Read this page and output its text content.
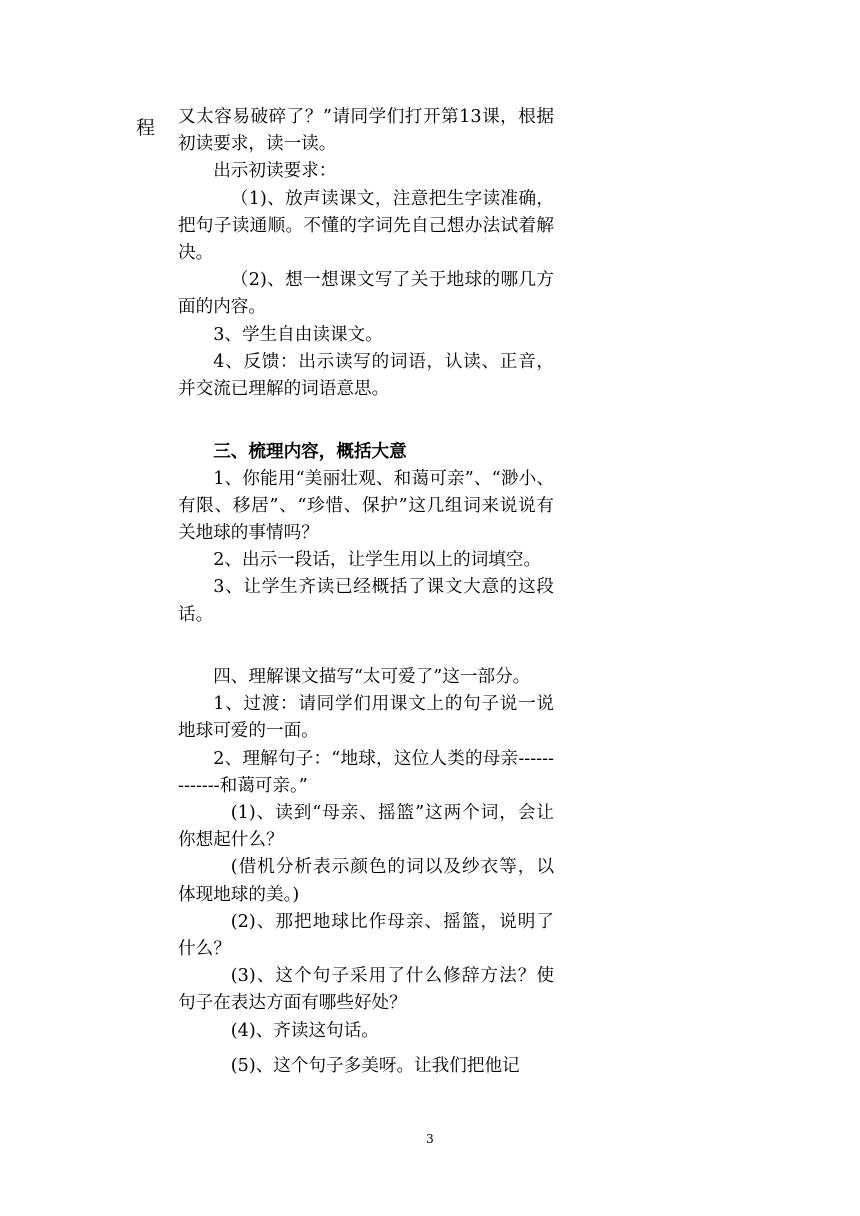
程 又太容易破碎了？”请同学们打开第13课，根据初读要求，读一读。

出示初读要求：

（1)、放声读课文，注意把生字读准确，把句子读通顺。不懂的字词先自己想办法试着解决。

（2)、想一想课文写了关于地球的哪几方面的内容。

3、学生自由读课文。

4、反馈：出示读写的词语，认读、正音，并交流已理解的词语意思。

三、梳理内容，概括大意

1、你能用“美丽壮观、和蔼可亲”、“渺小、有限、移居”、“珍惜、保护”这几组词来说说有关地球的事情吗？

2、出示一段话，让学生用以上的词填空。

3、让学生齐读已经概括了课文大意的这段话。

四、理解课文描写“太可爱了”这一部分。

1、过渡：请同学们用课文上的句子说一说地球可爱的一面。

2、理解句子：“地球，这位人类的母亲-------------和蔼可亲。”

(1)、读到“母亲、摇篮”这两个词，会让你想起什么？

(借机分析表示颜色的词以及纱衣等，以体现地球的美。)

(2)、那把地球比作母亲、摇篮，说明了什么？

(3)、这个句子采用了什么修辞方法？使句子在表达方面有哪些好处？

(4)、齐读这句话。

(5)、这个句子多美呀。让我们把他记

3
